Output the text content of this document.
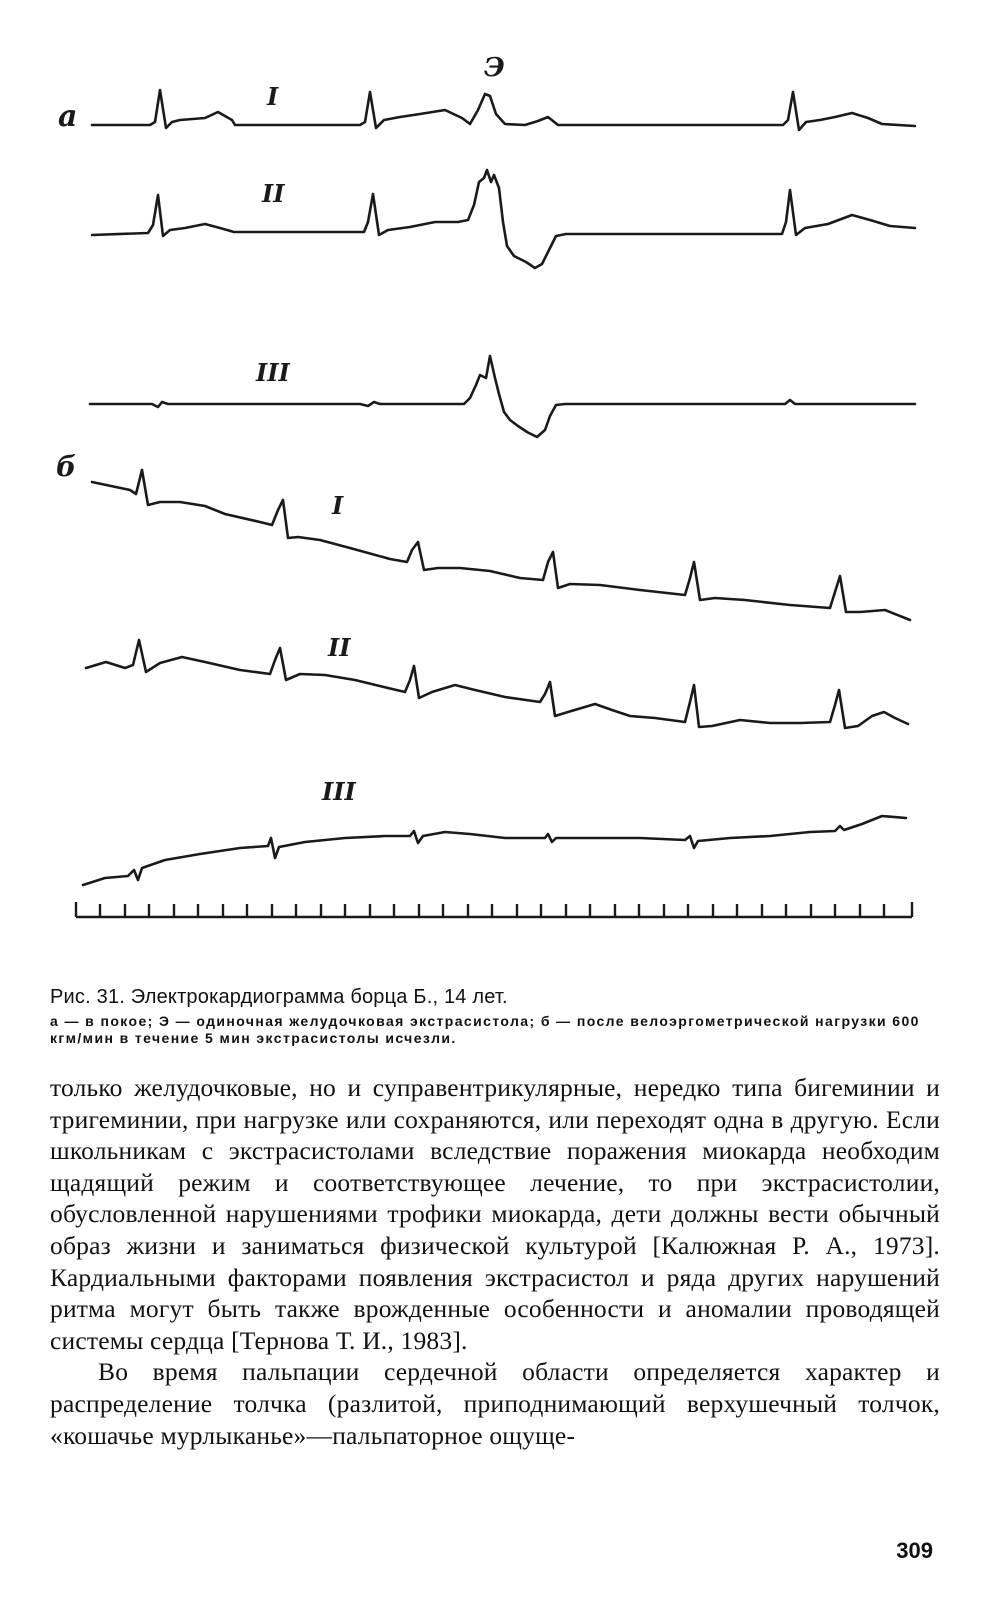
а
Э
б
I
II
III
I
II
III
Рис. 31. Электрокардиограмма борца Б., 14 лет.
а — в покое; Э — одиночная желудочковая экстрасистола; б — после велоэргометрической нагрузки 600 кгм/мин в течение 5 мин экстрасистолы исчезли.

только желудочковые, но и суправентрикулярные, нередко типа бигеминии и тригеминии, при нагрузке или сохраняются, или переходят одна в другую. Если школьникам с экстрасистолами вследствие поражения миокарда необходим щадящий режим и соответствующее лечение, то при экстрасистолии, обусловленной нарушениями трофики миокарда, дети должны вести обычный образ жизни и заниматься физической культурой [Калюжная Р. А., 1973]. Кардиальными факторами появления экстрасистол и ряда других нарушений ритма могут быть также врожденные особенности и аномалии проводящей системы сердца [Тернова Т. И., 1983].

Во время пальпации сердечной области определяется характер и распределение толчка (разлитой, приподнимающий верхушечный толчок, «кошачье мурлыканье»—пальпаторное ощуще-

309
